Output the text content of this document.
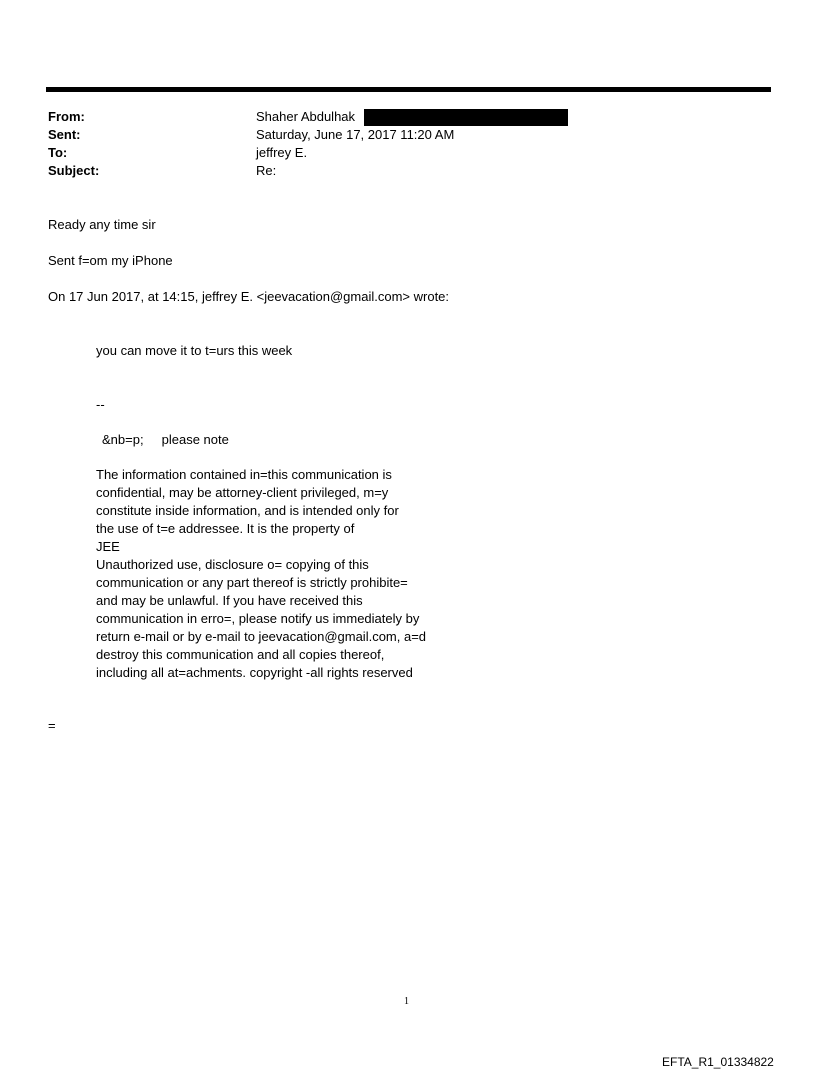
From:	Shaher Abdulhak
Sent:	Saturday, June 17, 2017 11:20 AM
To:	jeffrey E.
Subject:	Re:
Ready any time sir
Sent f=om my iPhone
On 17 Jun 2017, at 14:15, jeffrey E. <jeevacation@gmail.com> wrote:
you can move it to t=urs this week
--
&nb=p;     please note
The information contained in=this communication is
confidential, may be attorney-client privileged, m=y
constitute inside information, and is intended only for
the use of t=e addressee. It is the property of
JEE
Unauthorized use, disclosure o= copying of this
communication or any part thereof is strictly prohibite=
and may be unlawful. If you have received this
communication in erro=, please notify us immediately by
return e-mail or by e-mail to jeevacation@gmail.com, a=d
destroy this communication and all copies thereof,
including all at=achments. copyright -all rights reserved
=
1
EFTA_R1_01334822
